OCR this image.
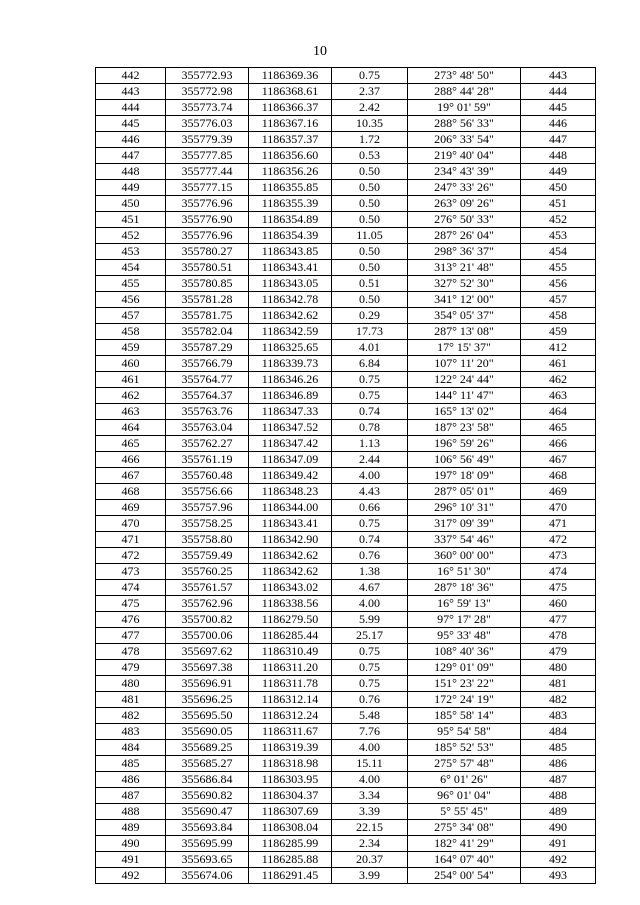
10
442	355772.93	1186369.36	0.75	273° 48' 50"	443
443	355772.98	1186368.61	2.37	288° 44' 28"	444
444	355773.74	1186366.37	2.42	19° 01' 59"	445
445	355776.03	1186367.16	10.35	288° 56' 33"	446
446	355779.39	1186357.37	1.72	206° 33' 54"	447
447	355777.85	1186356.60	0.53	219° 40' 04"	448
448	355777.44	1186356.26	0.50	234° 43' 39"	449
449	355777.15	1186355.85	0.50	247° 33' 26"	450
450	355776.96	1186355.39	0.50	263° 09' 26"	451
451	355776.90	1186354.89	0.50	276° 50' 33"	452
452	355776.96	1186354.39	11.05	287° 26' 04"	453
453	355780.27	1186343.85	0.50	298° 36' 37"	454
454	355780.51	1186343.41	0.50	313° 21' 48"	455
455	355780.85	1186343.05	0.51	327° 52' 30"	456
456	355781.28	1186342.78	0.50	341° 12' 00"	457
457	355781.75	1186342.62	0.29	354° 05' 37"	458
458	355782.04	1186342.59	17.73	287° 13' 08"	459
459	355787.29	1186325.65	4.01	17° 15' 37"	412
460	355766.79	1186339.73	6.84	107° 11' 20"	461
461	355764.77	1186346.26	0.75	122° 24' 44"	462
462	355764.37	1186346.89	0.75	144° 11' 47"	463
463	355763.76	1186347.33	0.74	165° 13' 02"	464
464	355763.04	1186347.52	0.78	187° 23' 58"	465
465	355762.27	1186347.42	1.13	196° 59' 26"	466
466	355761.19	1186347.09	2.44	106° 56' 49"	467
467	355760.48	1186349.42	4.00	197° 18' 09"	468
468	355756.66	1186348.23	4.43	287° 05' 01"	469
469	355757.96	1186344.00	0.66	296° 10' 31"	470
470	355758.25	1186343.41	0.75	317° 09' 39"	471
471	355758.80	1186342.90	0.74	337° 54' 46"	472
472	355759.49	1186342.62	0.76	360° 00' 00"	473
473	355760.25	1186342.62	1.38	16° 51' 30"	474
474	355761.57	1186343.02	4.67	287° 18' 36"	475
475	355762.96	1186338.56	4.00	16° 59' 13"	460
476	355700.82	1186279.50	5.99	97° 17' 28"	477
477	355700.06	1186285.44	25.17	95° 33' 48"	478
478	355697.62	1186310.49	0.75	108° 40' 36"	479
479	355697.38	1186311.20	0.75	129° 01' 09"	480
480	355696.91	1186311.78	0.75	151° 23' 22"	481
481	355696.25	1186312.14	0.76	172° 24' 19"	482
482	355695.50	1186312.24	5.48	185° 58' 14"	483
483	355690.05	1186311.67	7.76	95° 54' 58"	484
484	355689.25	1186319.39	4.00	185° 52' 53"	485
485	355685.27	1186318.98	15.11	275° 57' 48"	486
486	355686.84	1186303.95	4.00	6° 01' 26"	487
487	355690.82	1186304.37	3.34	96° 01' 04"	488
488	355690.47	1186307.69	3.39	5° 55' 45"	489
489	355693.84	1186308.04	22.15	275° 34' 08"	490
490	355695.99	1186285.99	2.34	182° 41' 29"	491
491	355693.65	1186285.88	20.37	164° 07' 40"	492
492	355674.06	1186291.45	3.99	254° 00' 54"	493
